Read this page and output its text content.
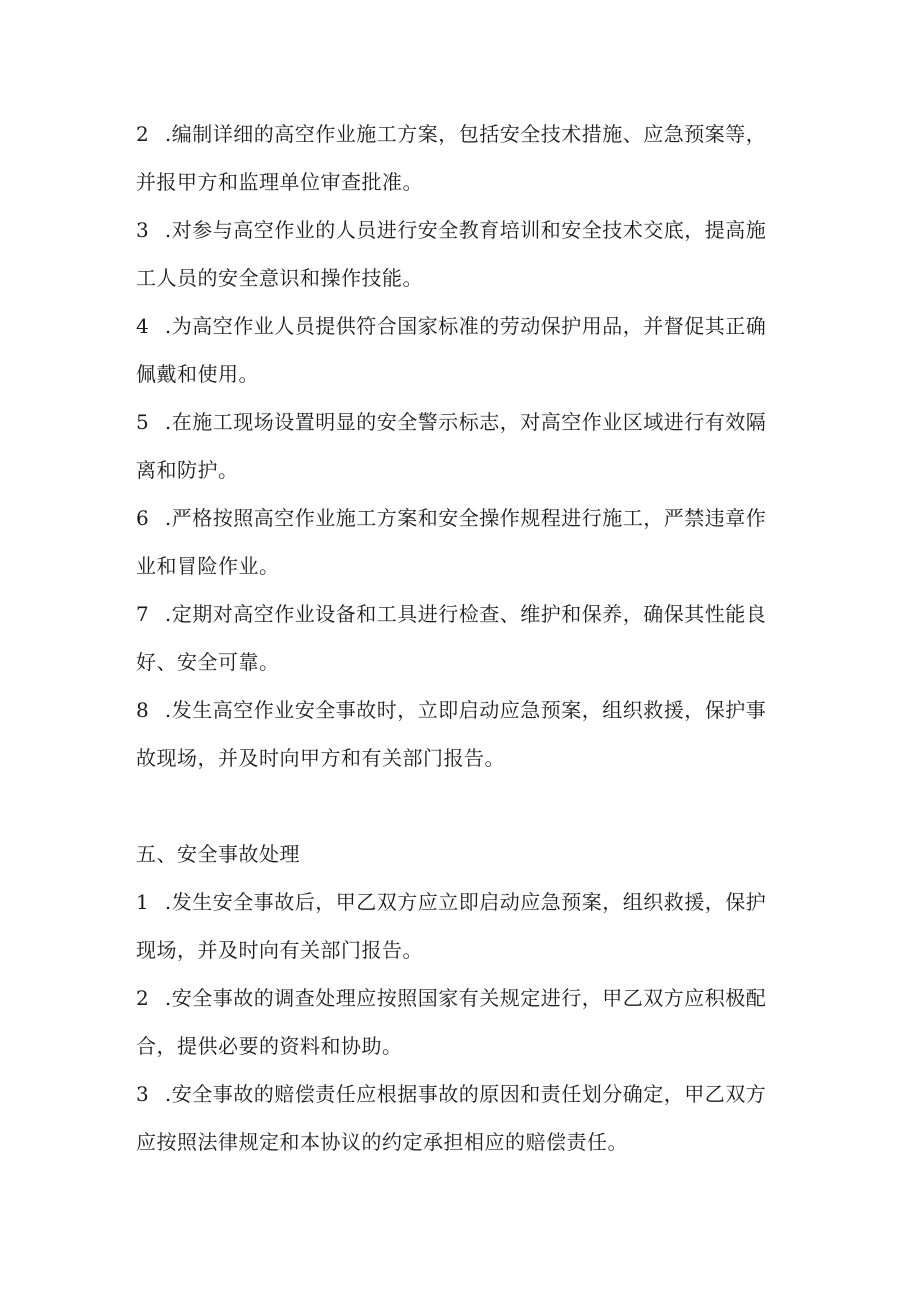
2 .编制详细的高空作业施工方案，包括安全技术措施、应急预案等，并报甲方和监理单位审查批准。

3 .对参与高空作业的人员进行安全教育培训和安全技术交底，提高施工人员的安全意识和操作技能。

4 .为高空作业人员提供符合国家标准的劳动保护用品，并督促其正确佩戴和使用。

5 .在施工现场设置明显的安全警示标志，对高空作业区域进行有效隔离和防护。

6 .严格按照高空作业施工方案和安全操作规程进行施工，严禁违章作业和冒险作业。

7 .定期对高空作业设备和工具进行检查、维护和保养，确保其性能良好、安全可靠。

8 .发生高空作业安全事故时，立即启动应急预案，组织救援，保护事故现场，并及时向甲方和有关部门报告。

五、安全事故处理

1 .发生安全事故后，甲乙双方应立即启动应急预案，组织救援，保护现场，并及时向有关部门报告。

2 .安全事故的调查处理应按照国家有关规定进行，甲乙双方应积极配合，提供必要的资料和协助。

3 .安全事故的赔偿责任应根据事故的原因和责任划分确定，甲乙双方应按照法律规定和本协议的约定承担相应的赔偿责任。
